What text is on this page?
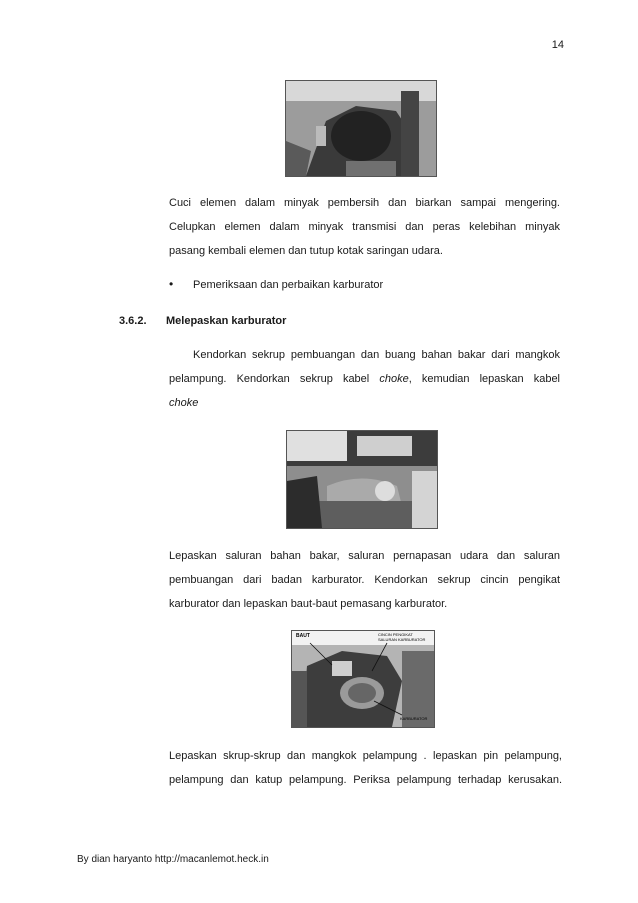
14
Cuci elemen dalam minyak pembersih dan biarkan sampai mengering.
Celupkan elemen dalam minyak transmisi dan peras kelebihan minyak
pasang kembali elemen dan tutup kotak saringan udara.
• Pemeriksaan dan perbaikan karburator
3.6.2. Melepaskan karburator
Kendorkan sekrup pembuangan dan buang bahan bakar dari mangkok
pelampung. Kendorkan sekrup kabel choke, kemudian lepaskan kabel
choke
Lepaskan saluran bahan bakar, saluran pernapasan udara dan saluran
pembuangan dari badan karburator. Kendorkan sekrup cincin pengikat
karburator dan lepaskan baut-baut pemasang karburator.
BAUT	CINCIN PENGIKAT
SALURAN KARBURATOR
KARBURATOR
Lepaskan skrup-skrup dan mangkok pelampung . lepaskan pin pelampung,
pelampung dan katup pelampung. Periksa pelampung terhadap kerusakan.
By dian haryanto http://macanlemot.heck.in
